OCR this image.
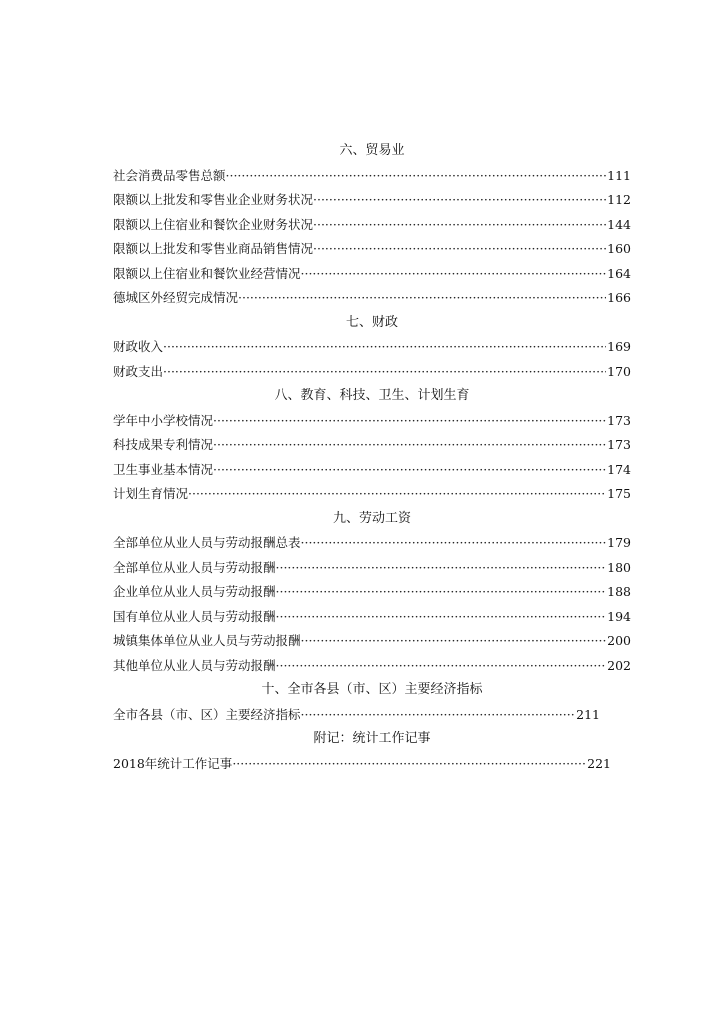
六、贸易业
社会消费品零售总额 ·····	111
限额以上批发和零售业企业财务状况 ·····	112
限额以上住宿业和餐饮企业财务状况 ·····	144
限额以上批发和零售业商品销售情况 ·····	160
限额以上住宿业和餐饮业经营情况 ·····	164
德城区外经贸完成情况 ·····	166
七、财政
财政收入 ·····	169
财政支出 ·····	170
八、教育、科技、卫生、计划生育
学年中小学校情况 ·····	173
科技成果专利情况 ·····	173
卫生事业基本情况 ·····	174
计划生育情况 ·····	175
九、劳动工资
全部单位从业人员与劳动报酬总表 ·····	179
全部单位从业人员与劳动报酬 ·····	180
企业单位从业人员与劳动报酬 ·····	188
国有单位从业人员与劳动报酬 ·····	194
城镇集体单位从业人员与劳动报酬 ·····	200
其他单位从业人员与劳动报酬 ·····	202
十、全市各县（市、区）主要经济指标
全市各县（市、区）主要经济指标 ·····	211
附记：统计工作记事
2018年统计工作记事 ·····	221
